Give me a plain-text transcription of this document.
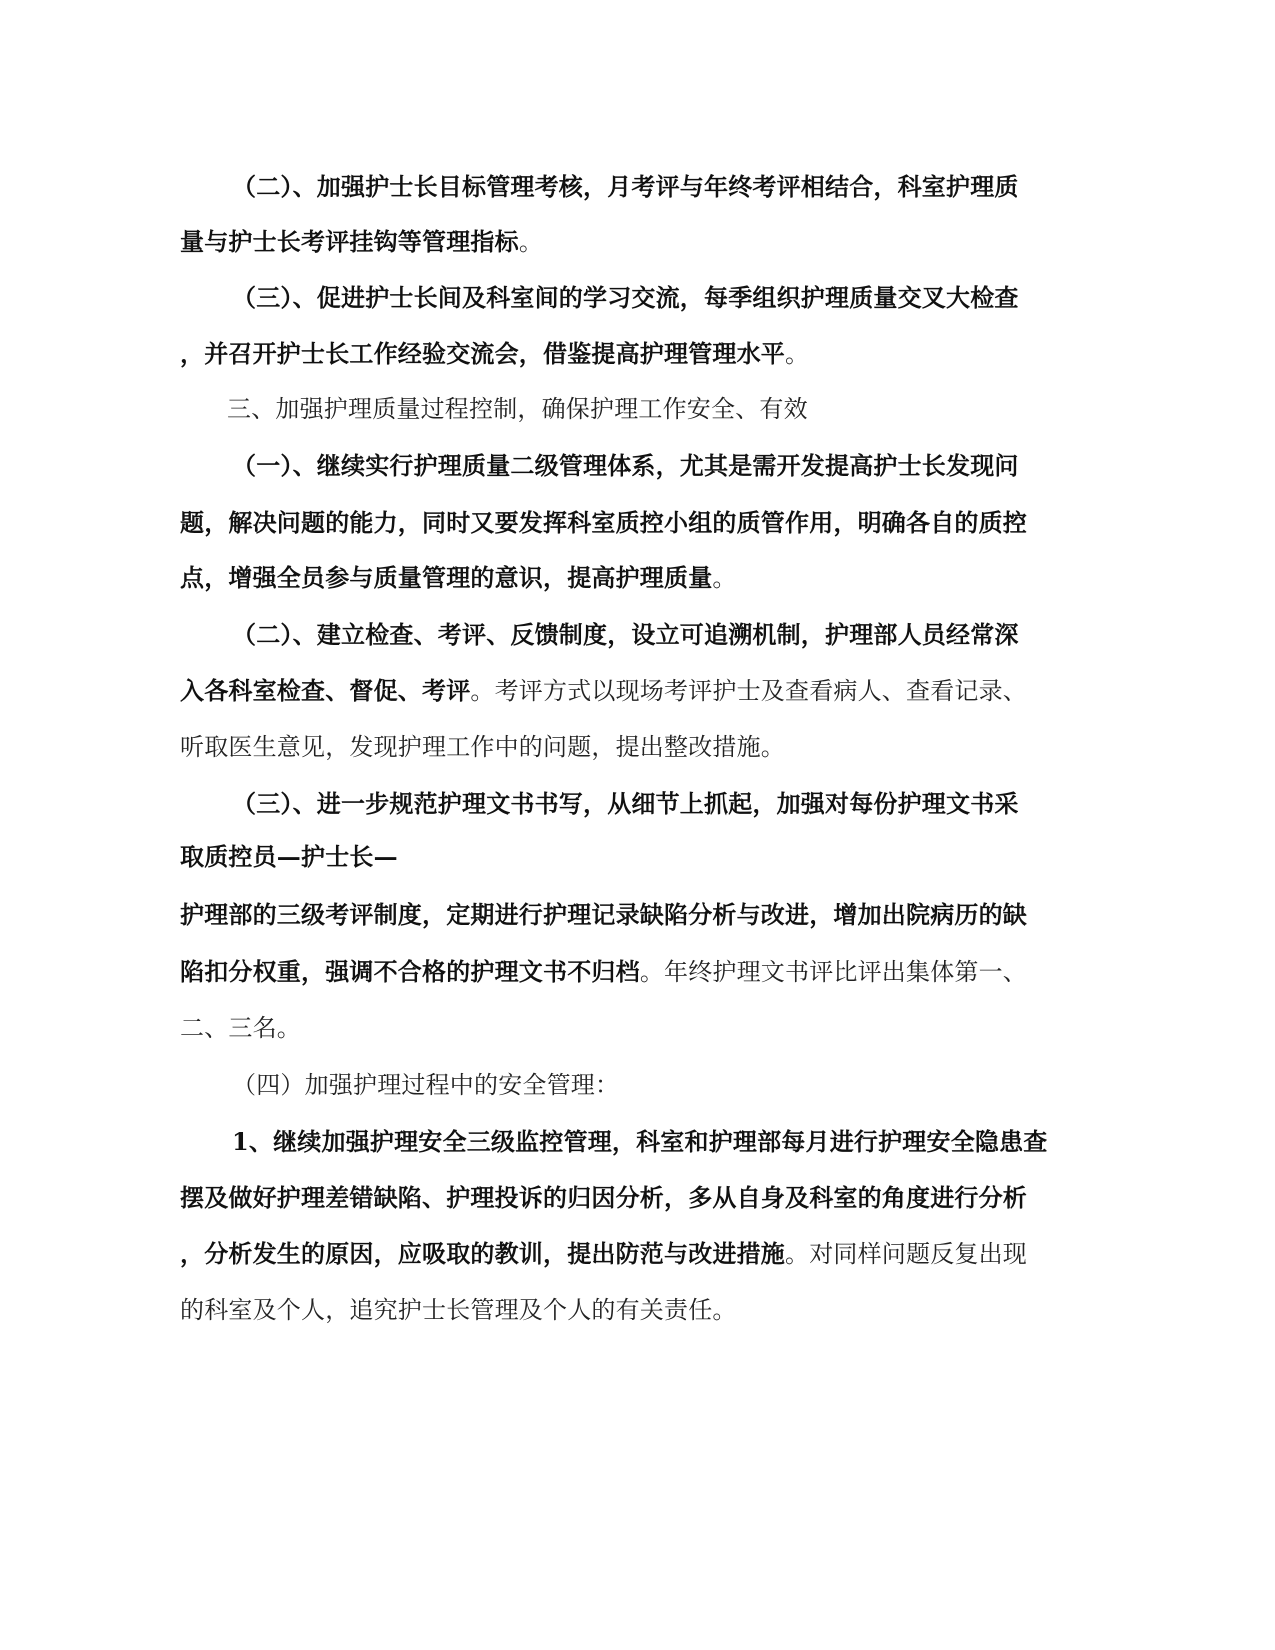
（二）、加强护士长目标管理考核，月考评与年终考评相结合，科室护理质
量与护士长考评挂钩等管理指标。
（三）、促进护士长间及科室间的学习交流，每季组织护理质量交叉大检查
，并召开护士长工作经验交流会，借鉴提高护理管理水平。
三、加强护理质量过程控制，确保护理工作安全、有效
（一）、继续实行护理质量二级管理体系，尤其是需开发提高护士长发现问
题，解决问题的能力，同时又要发挥科室质控小组的质管作用，明确各自的质控
点，增强全员参与质量管理的意识，提高护理质量。
（二）、建立检查、考评、反馈制度，设立可追溯机制，护理部人员经常深
入各科室检查、督促、考评。考评方式以现场考评护士及查看病人、查看记录、
听取医生意见，发现护理工作中的问题，提出整改措施。
（三）、进一步规范护理文书书写，从细节上抓起，加强对每份护理文书采
取质控员—护士长—
护理部的三级考评制度，定期进行护理记录缺陷分析与改进，增加出院病历的缺
陷扣分权重，强调不合格的护理文书不归档。年终护理文书评比评出集体第一、
二、三名。
（四）加强护理过程中的安全管理：
1、继续加强护理安全三级监控管理，科室和护理部每月进行护理安全隐患查
摆及做好护理差错缺陷、护理投诉的归因分析，多从自身及科室的角度进行分析
，分析发生的原因，应吸取的教训，提出防范与改进措施。对同样问题反复出现
的科室及个人，追究护士长管理及个人的有关责任。
